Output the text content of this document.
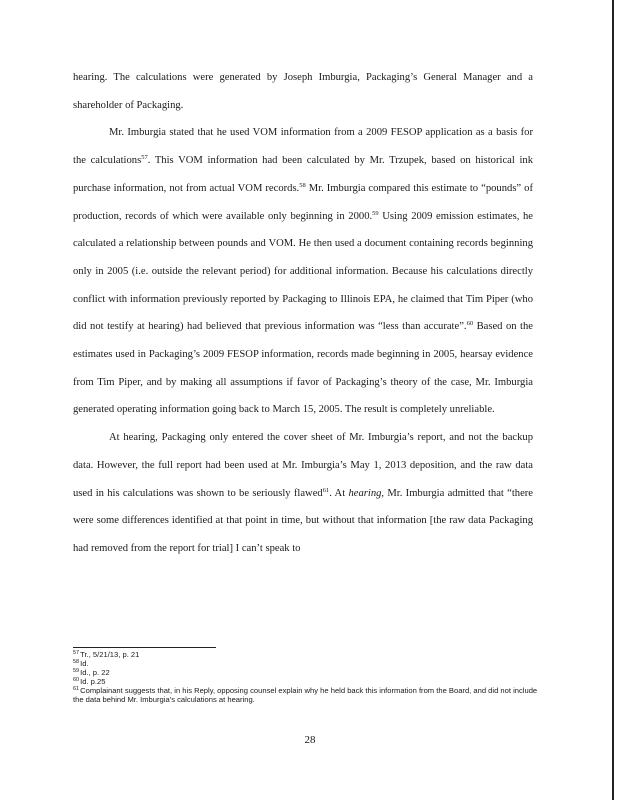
hearing. The calculations were generated by Joseph Imburgia, Packaging’s General Manager and a shareholder of Packaging.

Mr. Imburgia stated that he used VOM information from a 2009 FESOP application as a basis for the calculations$^{57}$. This VOM information had been calculated by Mr. Trzupek, based on historical ink purchase information, not from actual VOM records.$^{58}$ Mr. Imburgia compared this estimate to “pounds” of production, records of which were available only beginning in 2000.59 Using 2009 emission estimates, he calculated a relationship between pounds and VOM. He then used a document containing records beginning only in 2005 (i.e. outside the relevant period) for additional information. Because his calculations directly conflict with information previously reported by Packaging to Illinois EPA, he claimed that Tim Piper (who did not testify at hearing) had believed that previous information was “less than accurate”.$^{60}$ Based on the estimates used in Packaging’s 2009 FESOP information, records made beginning in 2005, hearsay evidence from Tim Piper, and by making all assumptions if favor of Packaging’s theory of the case, Mr. Imburgia generated operating information going back to March 15, 2005. The result is completely unreliable.

At hearing, Packaging only entered the cover sheet of Mr. Imburgia’s report, and not the backup data. However, the full report had been used at Mr. Imburgia’s May 1, 2013 deposition, and the raw data used in his calculations was shown to be seriously flawed$^{61}$. At hearing, Mr. Imburgia admitted that “there were some differences identified at that point in time, but without that information [the raw data Packaging had removed from the report for trial] I can’t speak to

$^{57}$Tr., 5/21/13, p. 21
$^{58}$Id.
$^{59}$Id., p. 22
$^{60}$Id. p.25
$^{61}$Complainant suggests that, in his Reply, opposing counsel explain why he held back this information from the Board, and did not include the data behind Mr. Imburgia’s calculations at hearing.
28
